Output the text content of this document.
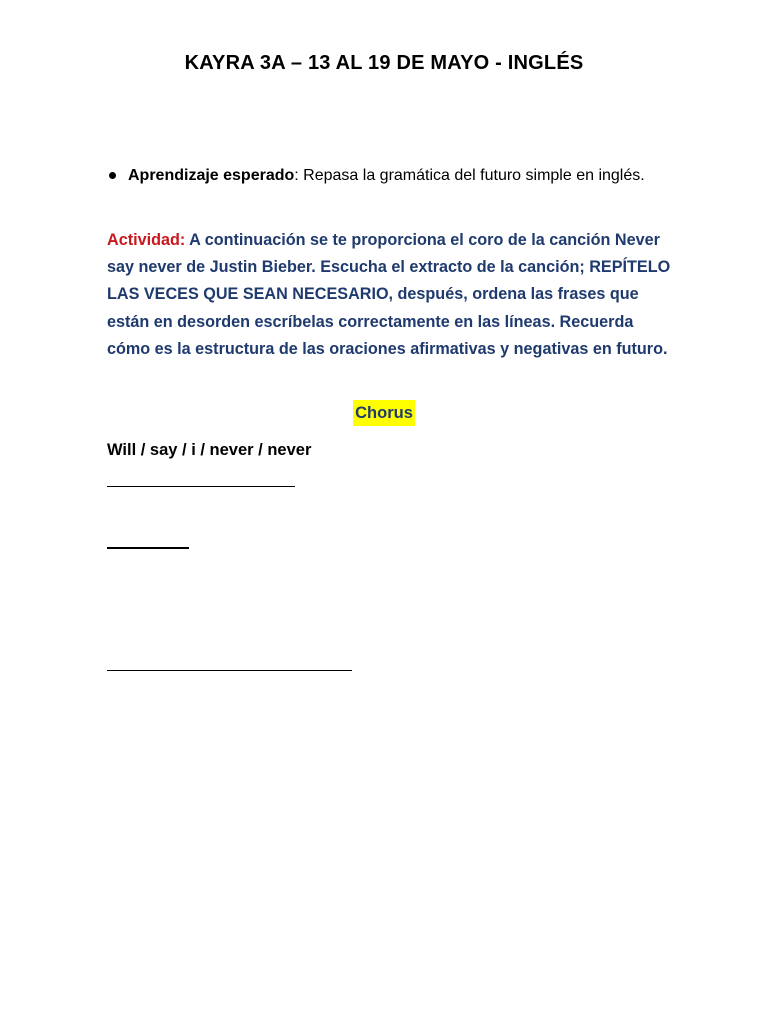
KAYRA 3A – 13 AL 19 DE MAYO - INGLÉS
Aprendizaje esperado: Repasa la gramática del futuro simple en inglés.
Actividad: A continuación se te proporciona el coro de la canción Never say never de Justin Bieber. Escucha el extracto de la canción; REPÍTELO LAS VECES QUE SEAN NECESARIO, después, ordena las frases que están en desorden escríbelas correctamente en las líneas. Recuerda cómo es la estructura de las oraciones afirmativas y negativas en futuro.
Chorus
Will / say / i / never / never
